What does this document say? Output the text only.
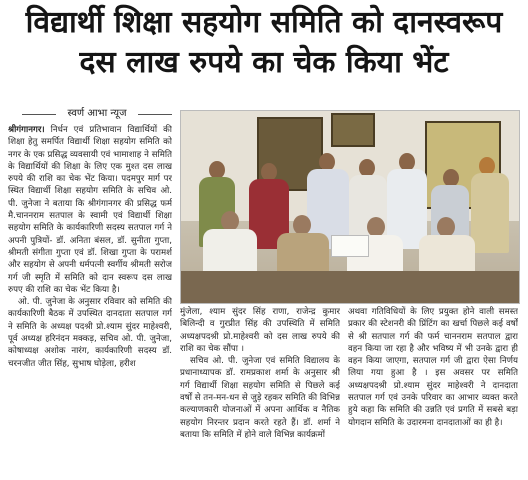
विद्यार्थी शिक्षा सहयोग समिति को दानस्वरूप
दस लाख रुपये का चेक किया भेंट
स्वर्ण आभा न्यूज

श्रीगंगानगर। निर्धन एवं प्रतिभावान विद्यार्थियों की शिक्षा हेतु समर्पित विद्यार्थी शिक्षा सहयोग समिति को नगर के एक प्रसिद्ध व्यवसायी एवं भामाशाह ने समिति के विद्यार्थियों की शिक्षा के लिए एक मुश्त दस लाख रुपये की राशि का चेक भेंट किया। पदमपुर मार्ग पर स्थित विद्यार्थी शिक्षा सहयोग समिति के सचिव ओ. पी. जुनेजा ने बताया कि श्रीगंगानगर की प्रसिद्ध फर्म मै.चाननराम सतपाल के स्वामी एवं विद्यार्थी शिक्षा सहयोग समिति के कार्यकारिणी सदस्य सतपाल गर्ग ने अपनी पुत्रियों- डॉ. अनिता बंसल, डॉ. सुनीता गुप्ता, श्रीमती संगीता गुप्ता एवं डॉ. शिखा गुप्ता के परामर्श और सहयोग से अपनी धर्मपत्नी स्वर्गीय श्रीमती सरोज गर्ग जी स्मृति में समिति को दान स्वरूप दस लाख रुपए की राशि का चेक भेंट किया है।

ओ. पी. जुनेजा के अनुसार रविवार को समिति की कार्यकारिणी बैठक में उपस्थित दानदाता सतपाल गर्ग ने समिति के अध्यक्ष पदश्री प्रो.श्याम सुंदर माहेश्वरी, पूर्व अध्यक्ष हरिनंदन मक्कड़, सचिव ओ. पी. जुनेजा, कोषाध्यक्ष अशोक नारंग, कार्यकारिणी सदस्य डॉ. चरनजीत जीत सिंह, सुभाष घोड़ेला, हरीश

मुंजेला, श्याम सुंदर सिंह राणा, राजेन्द्र कुमार बिलिन्दी व गुरप्रीत सिंह की उपस्थिति में समिति अध्यक्षपदश्री प्रो.माहेश्वरी को दस लाख रुपये की राशि का चेक सौंपा ।

सचिव ओ. पी. जुनेजा एवं समिति विद्यालय के प्रधानाध्यापक डॉ. रामप्रकाश शर्मा के अनुसार श्री गर्ग विद्यार्थी शिक्षा सहयोग समिति से पिछले कई वर्षों से तन-मन-धन से जुड़े रहकर समिति की विभिन्न कल्याणकारी योजनाओं में अपना आर्थिक व नैतिक सहयोग निरन्तर प्रदान करते रहते हैं। डॉ. शर्मा ने बताया कि समिति में होने वाले विभिन्न कार्यक्रमों

अथवा गतिविधियों के लिए प्रयुक्त होने वाली समस्त प्रकार की स्टेशनरी की प्रिंटिंग का खर्चा पिछले कई वर्षों से श्री सतपाल गर्ग की फर्म चाननराम सतपाल द्वारा वहन किया जा रहा है और भविष्य में भी उनके द्वारा ही वहन किया जाएगा, सतपाल गर्ग जी द्वारा ऐसा निर्णय लिया गया हुआ है । इस अवसर पर समिति अध्यक्षपदश्री प्रो.श्याम सुंदर माहेश्वरी ने दानदाता सतपाल गर्ग एवं उनके परिवार का आभार व्यक्त करते हुये कहा कि समिति की उन्नति एवं प्रगति में सबसे बड़ा योगदान समिति के उदारमना दानदाताओं का ही है।
